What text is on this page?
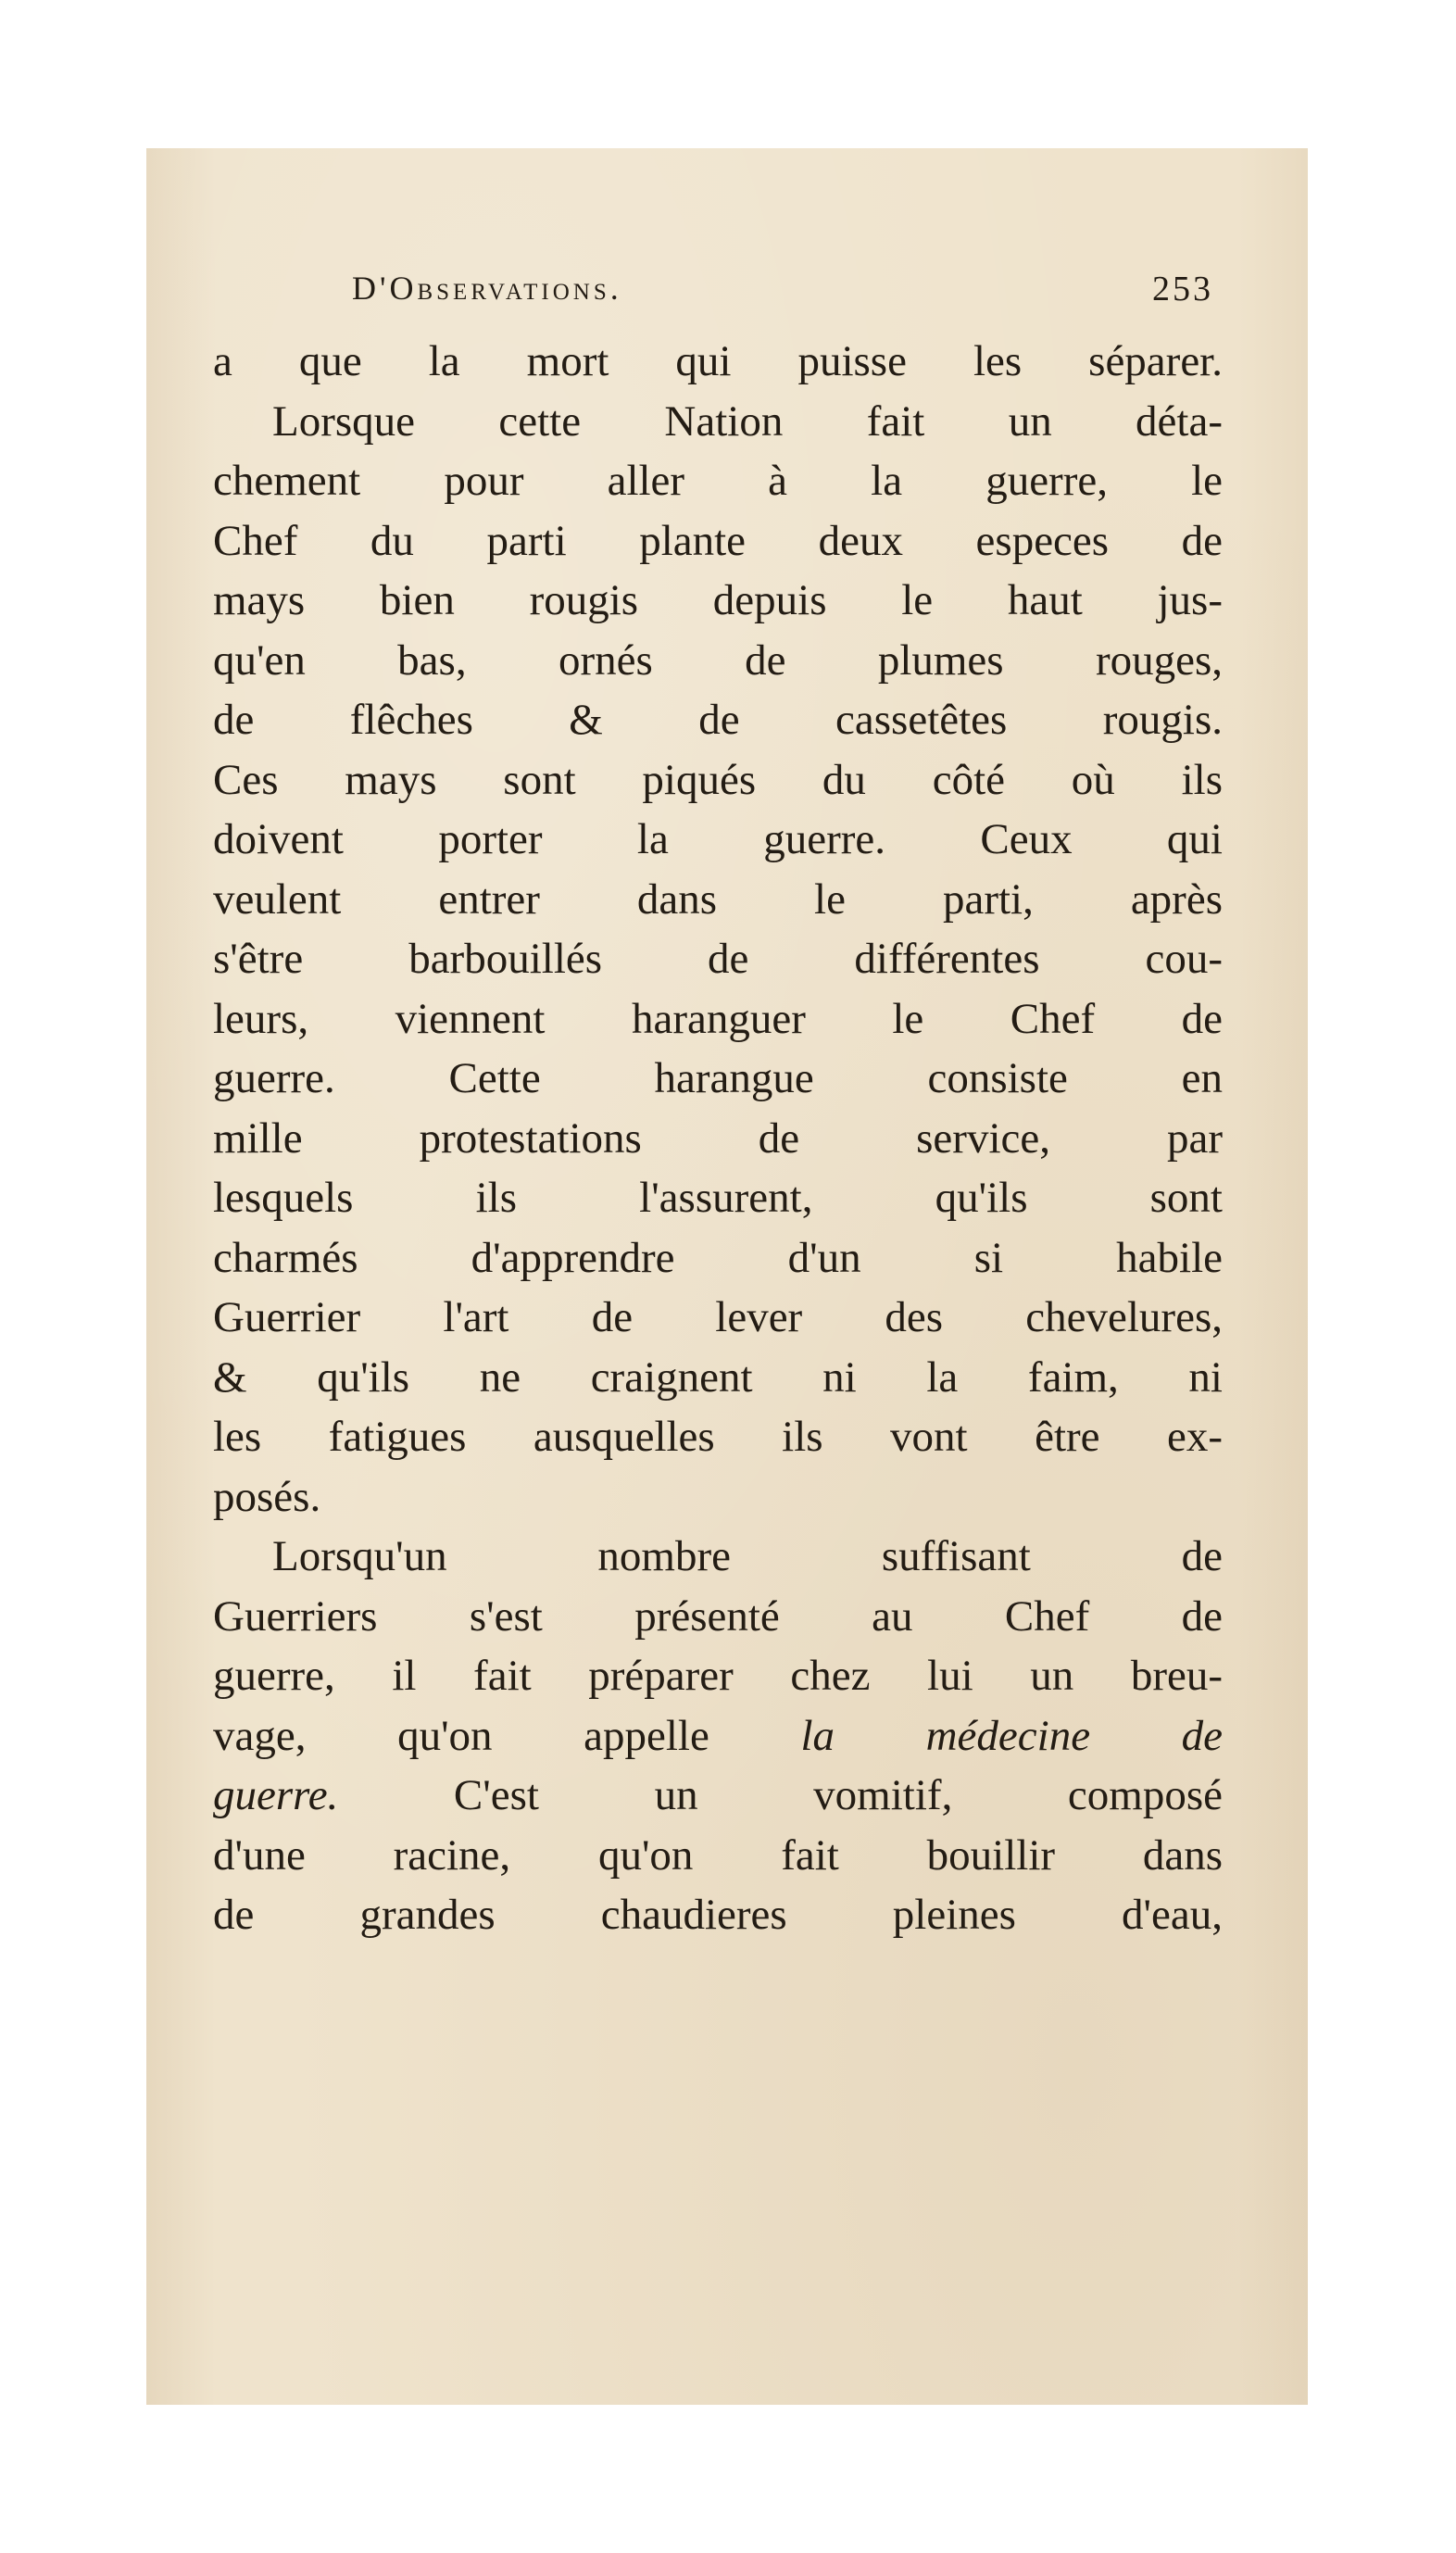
D'Observations.	253
a que la mort qui puisse les séparer.
Lorsque cette Nation fait un déta-
chement pour aller à la guerre, le
Chef du parti plante deux especes de
mays bien rougis depuis le haut jus-
qu'en bas, ornés de plumes rouges,
de flêches & de cassetêtes rougis.
Ces mays sont piqués du côté où ils
doivent porter la guerre. Ceux qui
veulent entrer dans le parti, après
s'être barbouillés de différentes cou-
leurs, viennent haranguer le Chef de
guerre. Cette harangue consiste en
mille protestations de service, par
lesquels ils l'assurent, qu'ils sont
charmés d'apprendre d'un si habile
Guerrier l'art de lever des chevelures,
& qu'ils ne craignent ni la faim, ni
les fatigues ausquelles ils vont être ex-
posés.
Lorsqu'un nombre suffisant de
Guerriers s'est présenté au Chef de
guerre, il fait préparer chez lui un breu-
vage, qu'on appelle la médecine de
guerre. C'est un vomitif, composé
d'une racine, qu'on fait bouillir dans
de grandes chaudieres pleines d'eau,
